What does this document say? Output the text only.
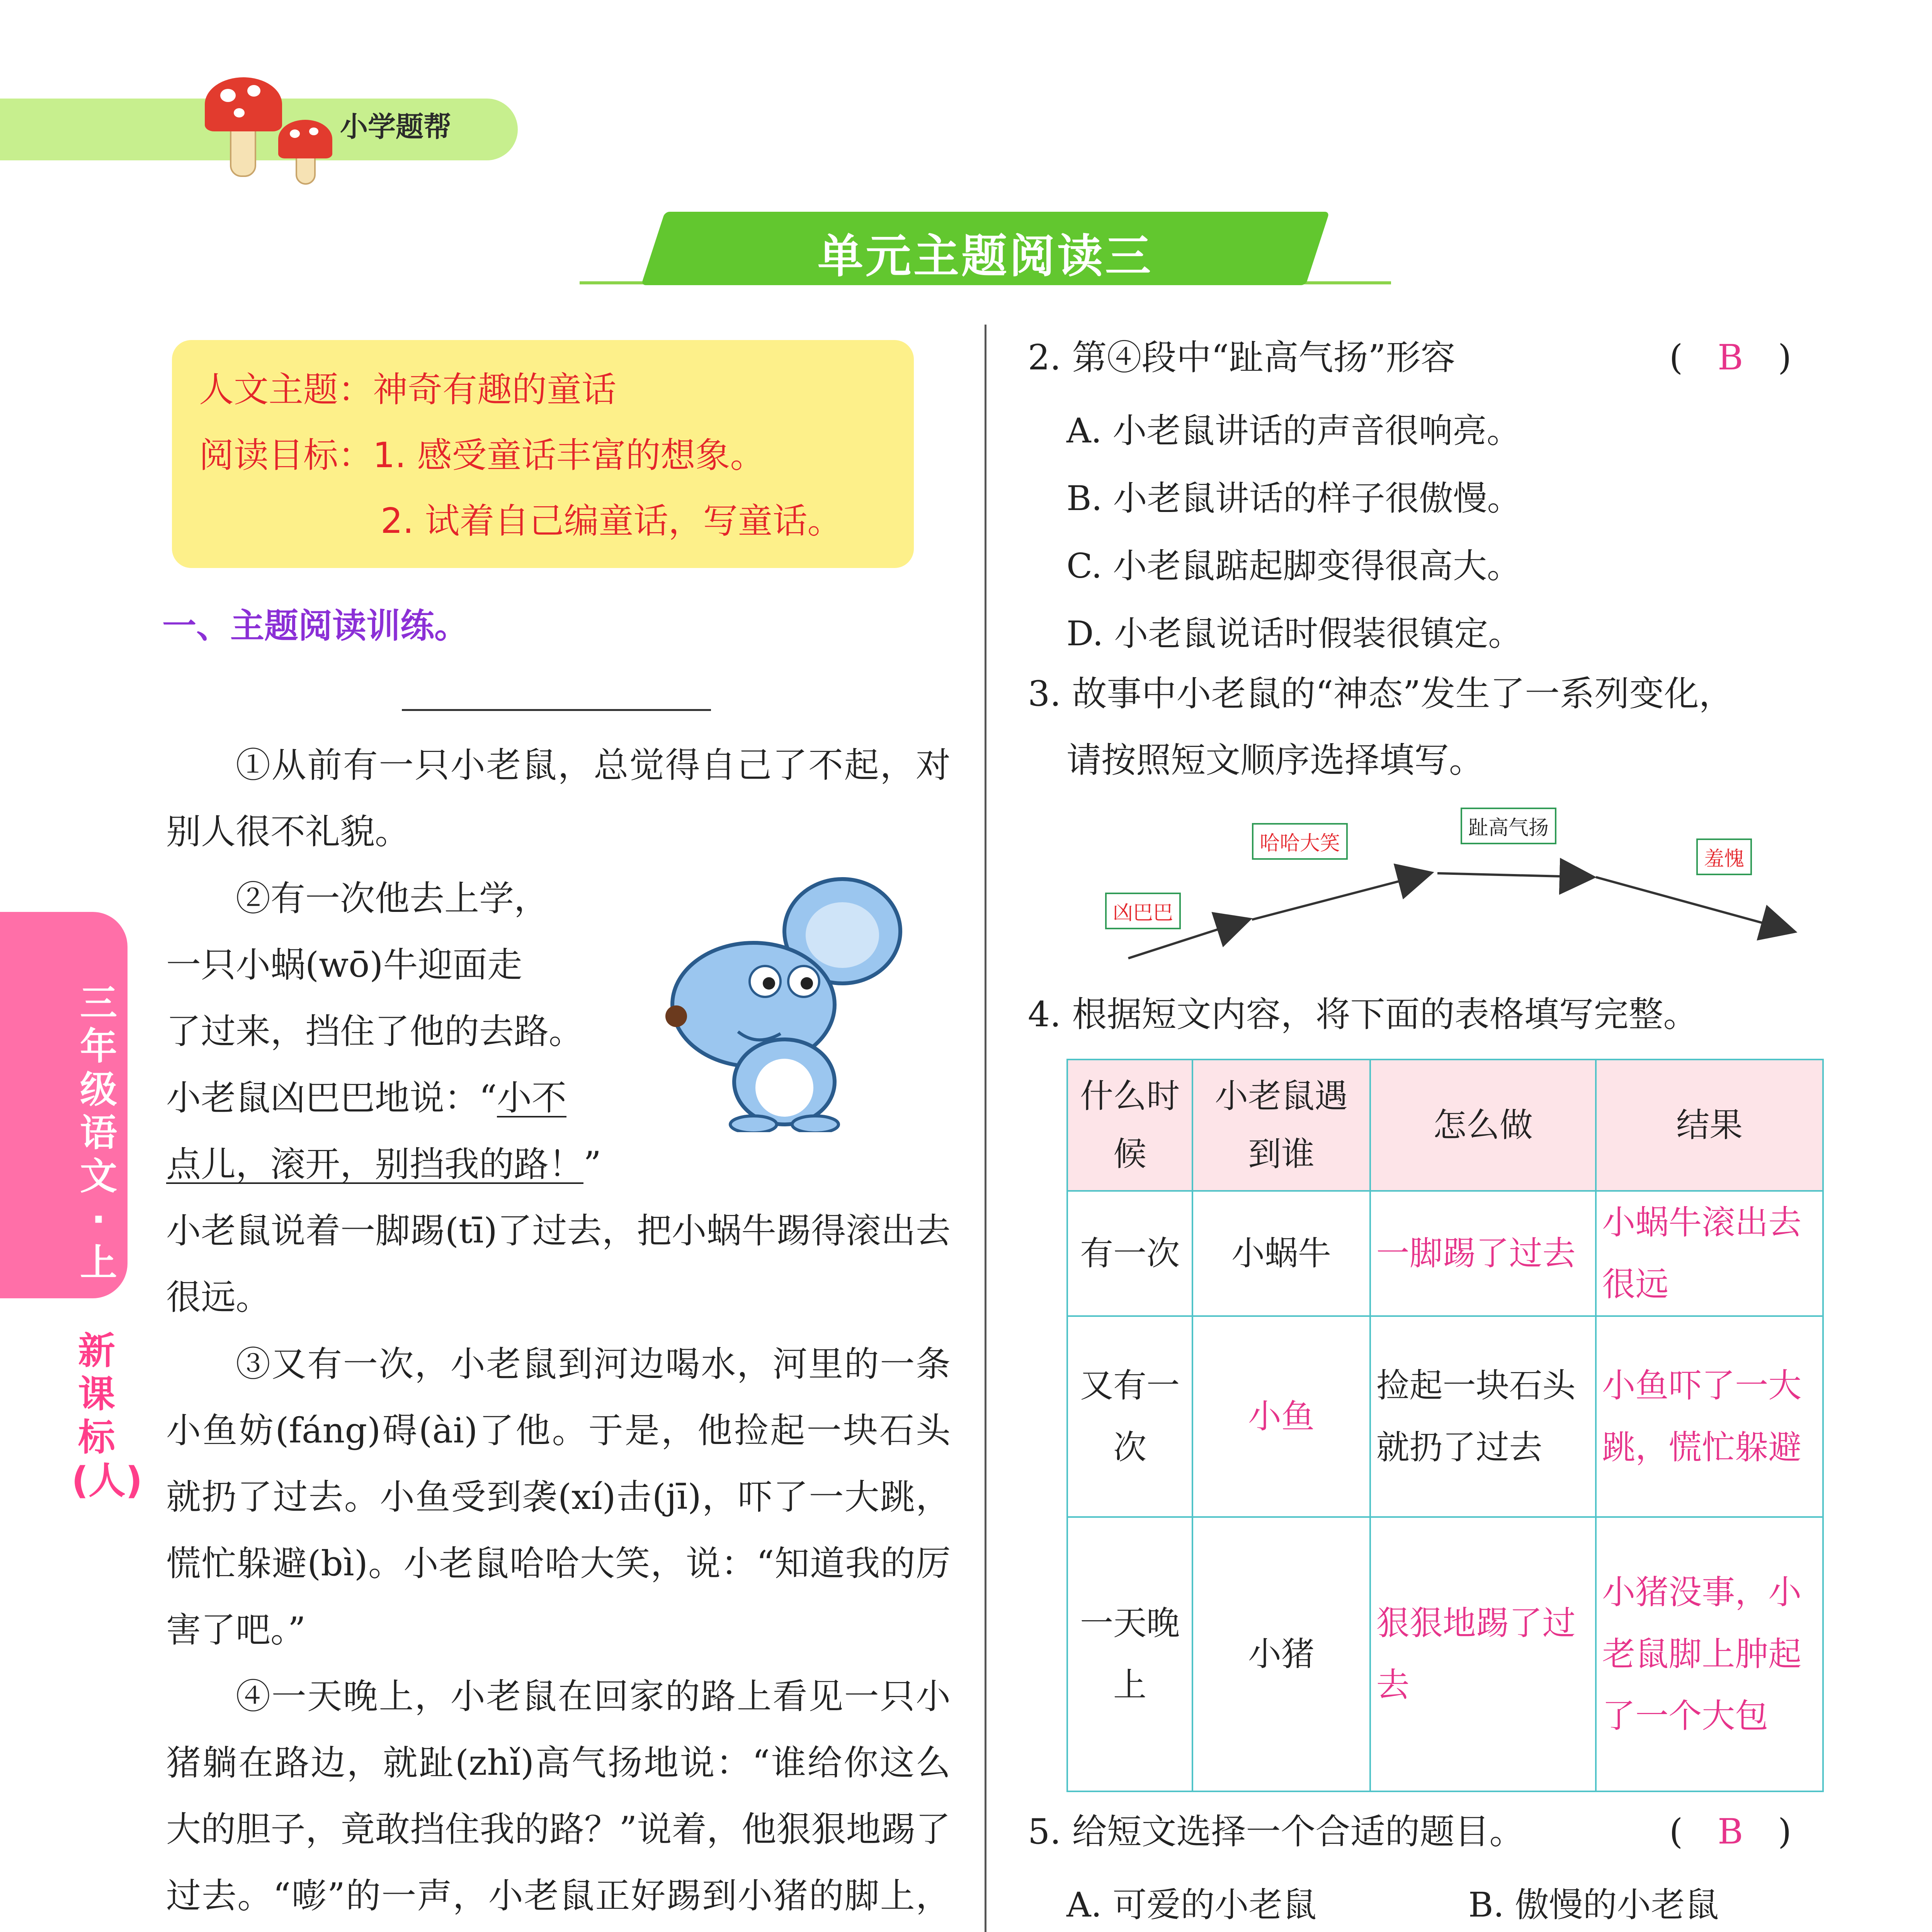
小学题帮
单元主题阅读三
人文主题：神奇有趣的童话
阅读目标：1. 感受童话丰富的想象。
2. 试着自己编童话，写童话。
三年级语文·上
新课标(人)
一、主题阅读训练。
①从前有一只小老鼠，总觉得自己了不起，对别人很不礼貌。
②有一次他去上学，
一只小蜗(wō)牛迎面走
了过来，挡住了他的去路。
小老鼠凶巴巴地说：“小不
点儿，滚开，别挡我的路！”
小老鼠说着一脚踢(tī)了过去，把小蜗牛踢得滚出去很远。
③又有一次，小老鼠到河边喝水，河里的一条小鱼妨(fáng)碍(ài)了他。于是，他捡起一块石头就扔了过去。小鱼受到袭(xí)击(jī)，吓了一大跳，慌忙躲避(bì)。小老鼠哈哈大笑，说：“知道我的厉害了吧。”
④一天晚上，小老鼠在回家的路上看见一只小猪躺在路边，就趾(zhǐ)高气扬地说：“谁给你这么大的胆子，竟敢挡住我的路？”说着，他狠狠地踢了过去。“嘭”的一声，小老鼠正好踢到小猪的脚上，
2. 第④段中“趾高气扬”形容	( B )
A. 小老鼠讲话的声音很响亮。
B. 小老鼠讲话的样子很傲慢。
C. 小老鼠踮起脚变得很高大。
D. 小老鼠说话时假装很镇定。
3. 故事中小老鼠的“神态”发生了一系列变化，
请按照短文顺序选择填写。
凶巴巴
哈哈大笑
趾高气扬
羞愧
4. 根据短文内容，将下面的表格填写完整。
什么时候	小老鼠遇到谁	怎么做	结果
有一次	小蜗牛	一脚踢了过去	小蜗牛滚出去很远
又有一次	小鱼	捡起一块石头就扔了过去	小鱼吓了一大跳，慌忙躲避
一天晚上	小猪	狠狠地踢了过去	小猪没事，小老鼠脚上肿起了一个大包
5. 给短文选择一个合适的题目。	( B )
A. 可爱的小老鼠	B. 傲慢的小老鼠
